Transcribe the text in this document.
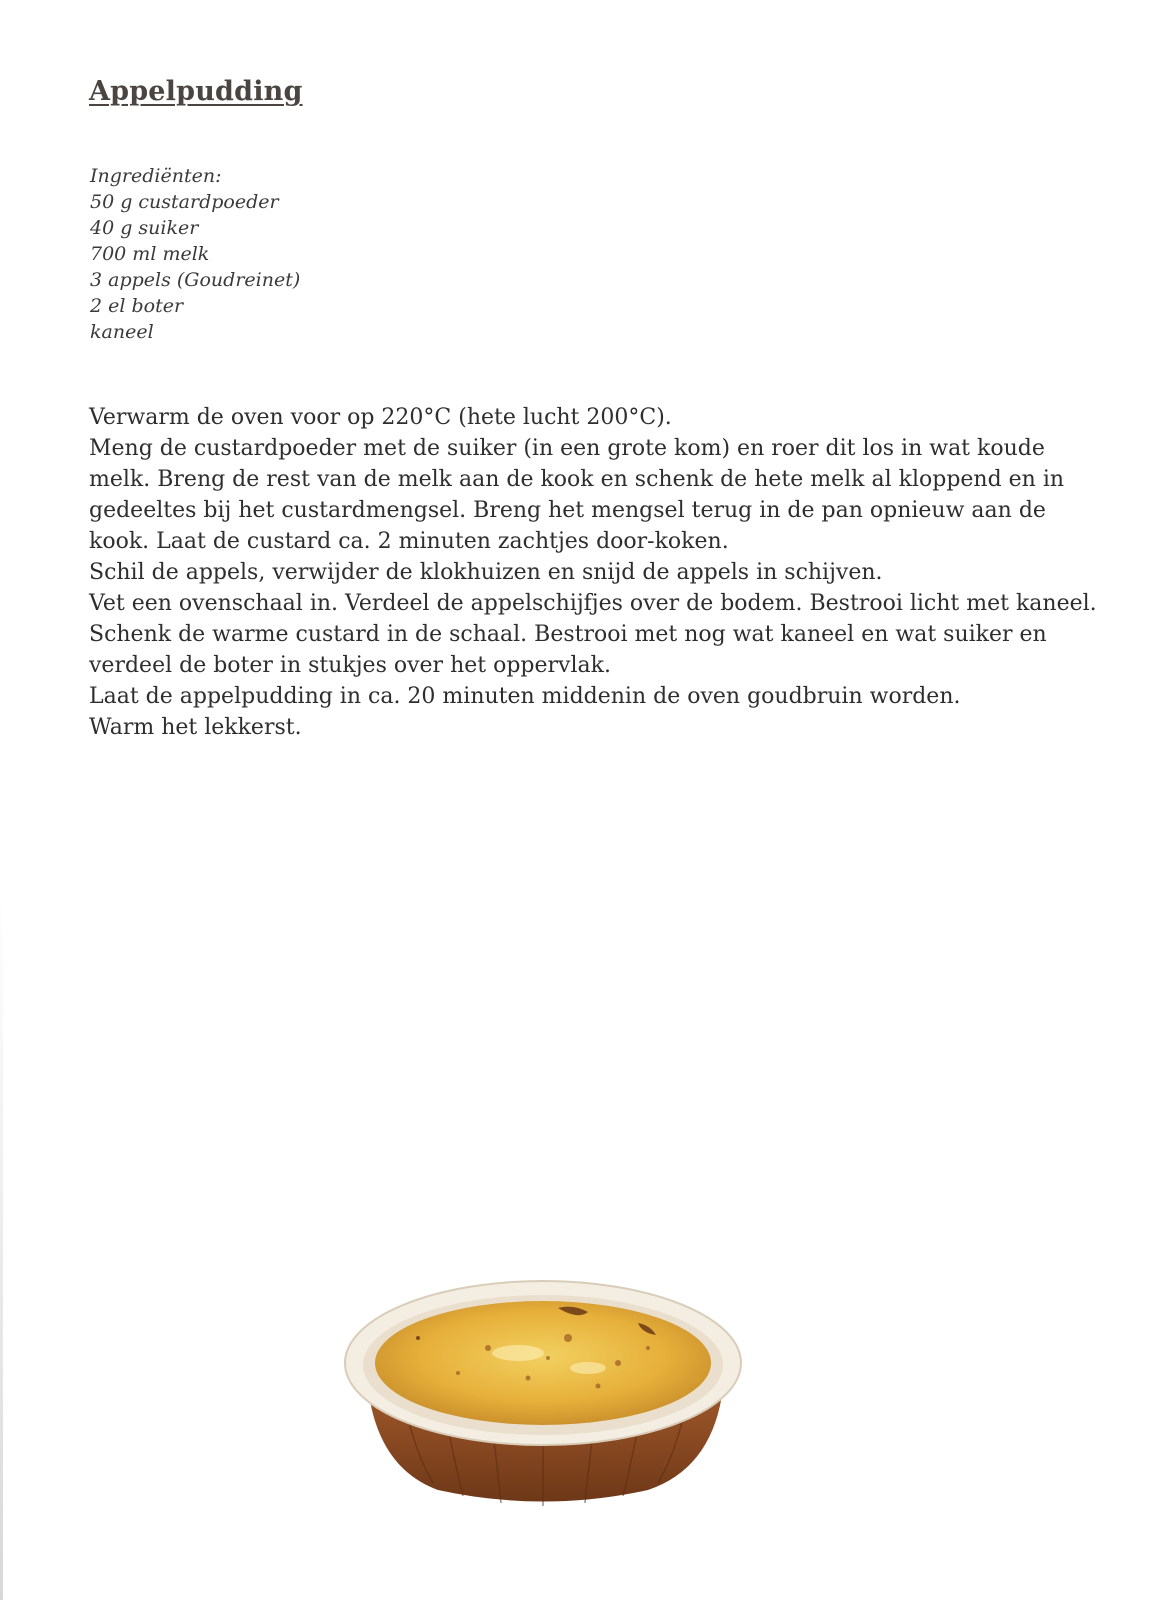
Appelpudding
Ingrediënten:
50 g custardpoeder
40 g suiker
700 ml melk
3 appels (Goudreinet)
2 el boter
kaneel

Verwarm de oven voor op 220°C (hete lucht 200°C).

Meng de custardpoeder met de suiker (in een grote kom) en roer dit los in wat koude melk. Breng de rest van de melk aan de kook en schenk de hete melk al kloppend en in gedeeltes bij het custardmengsel. Breng het mengsel terug in de pan opnieuw aan de kook. Laat de custard ca. 2 minuten zachtjes door-koken.

Schil de appels, verwijder de klokhuizen en snijd de appels in schijven.

Vet een ovenschaal in. Verdeel de appelschijfjes over de bodem. Bestrooi licht met kaneel. Schenk de warme custard in de schaal. Bestrooi met nog wat kaneel en wat suiker en verdeel de boter in stukjes over het oppervlak.

Laat de appelpudding in ca. 20 minuten middenin de oven goudbruin worden.

Warm het lekkerst.
